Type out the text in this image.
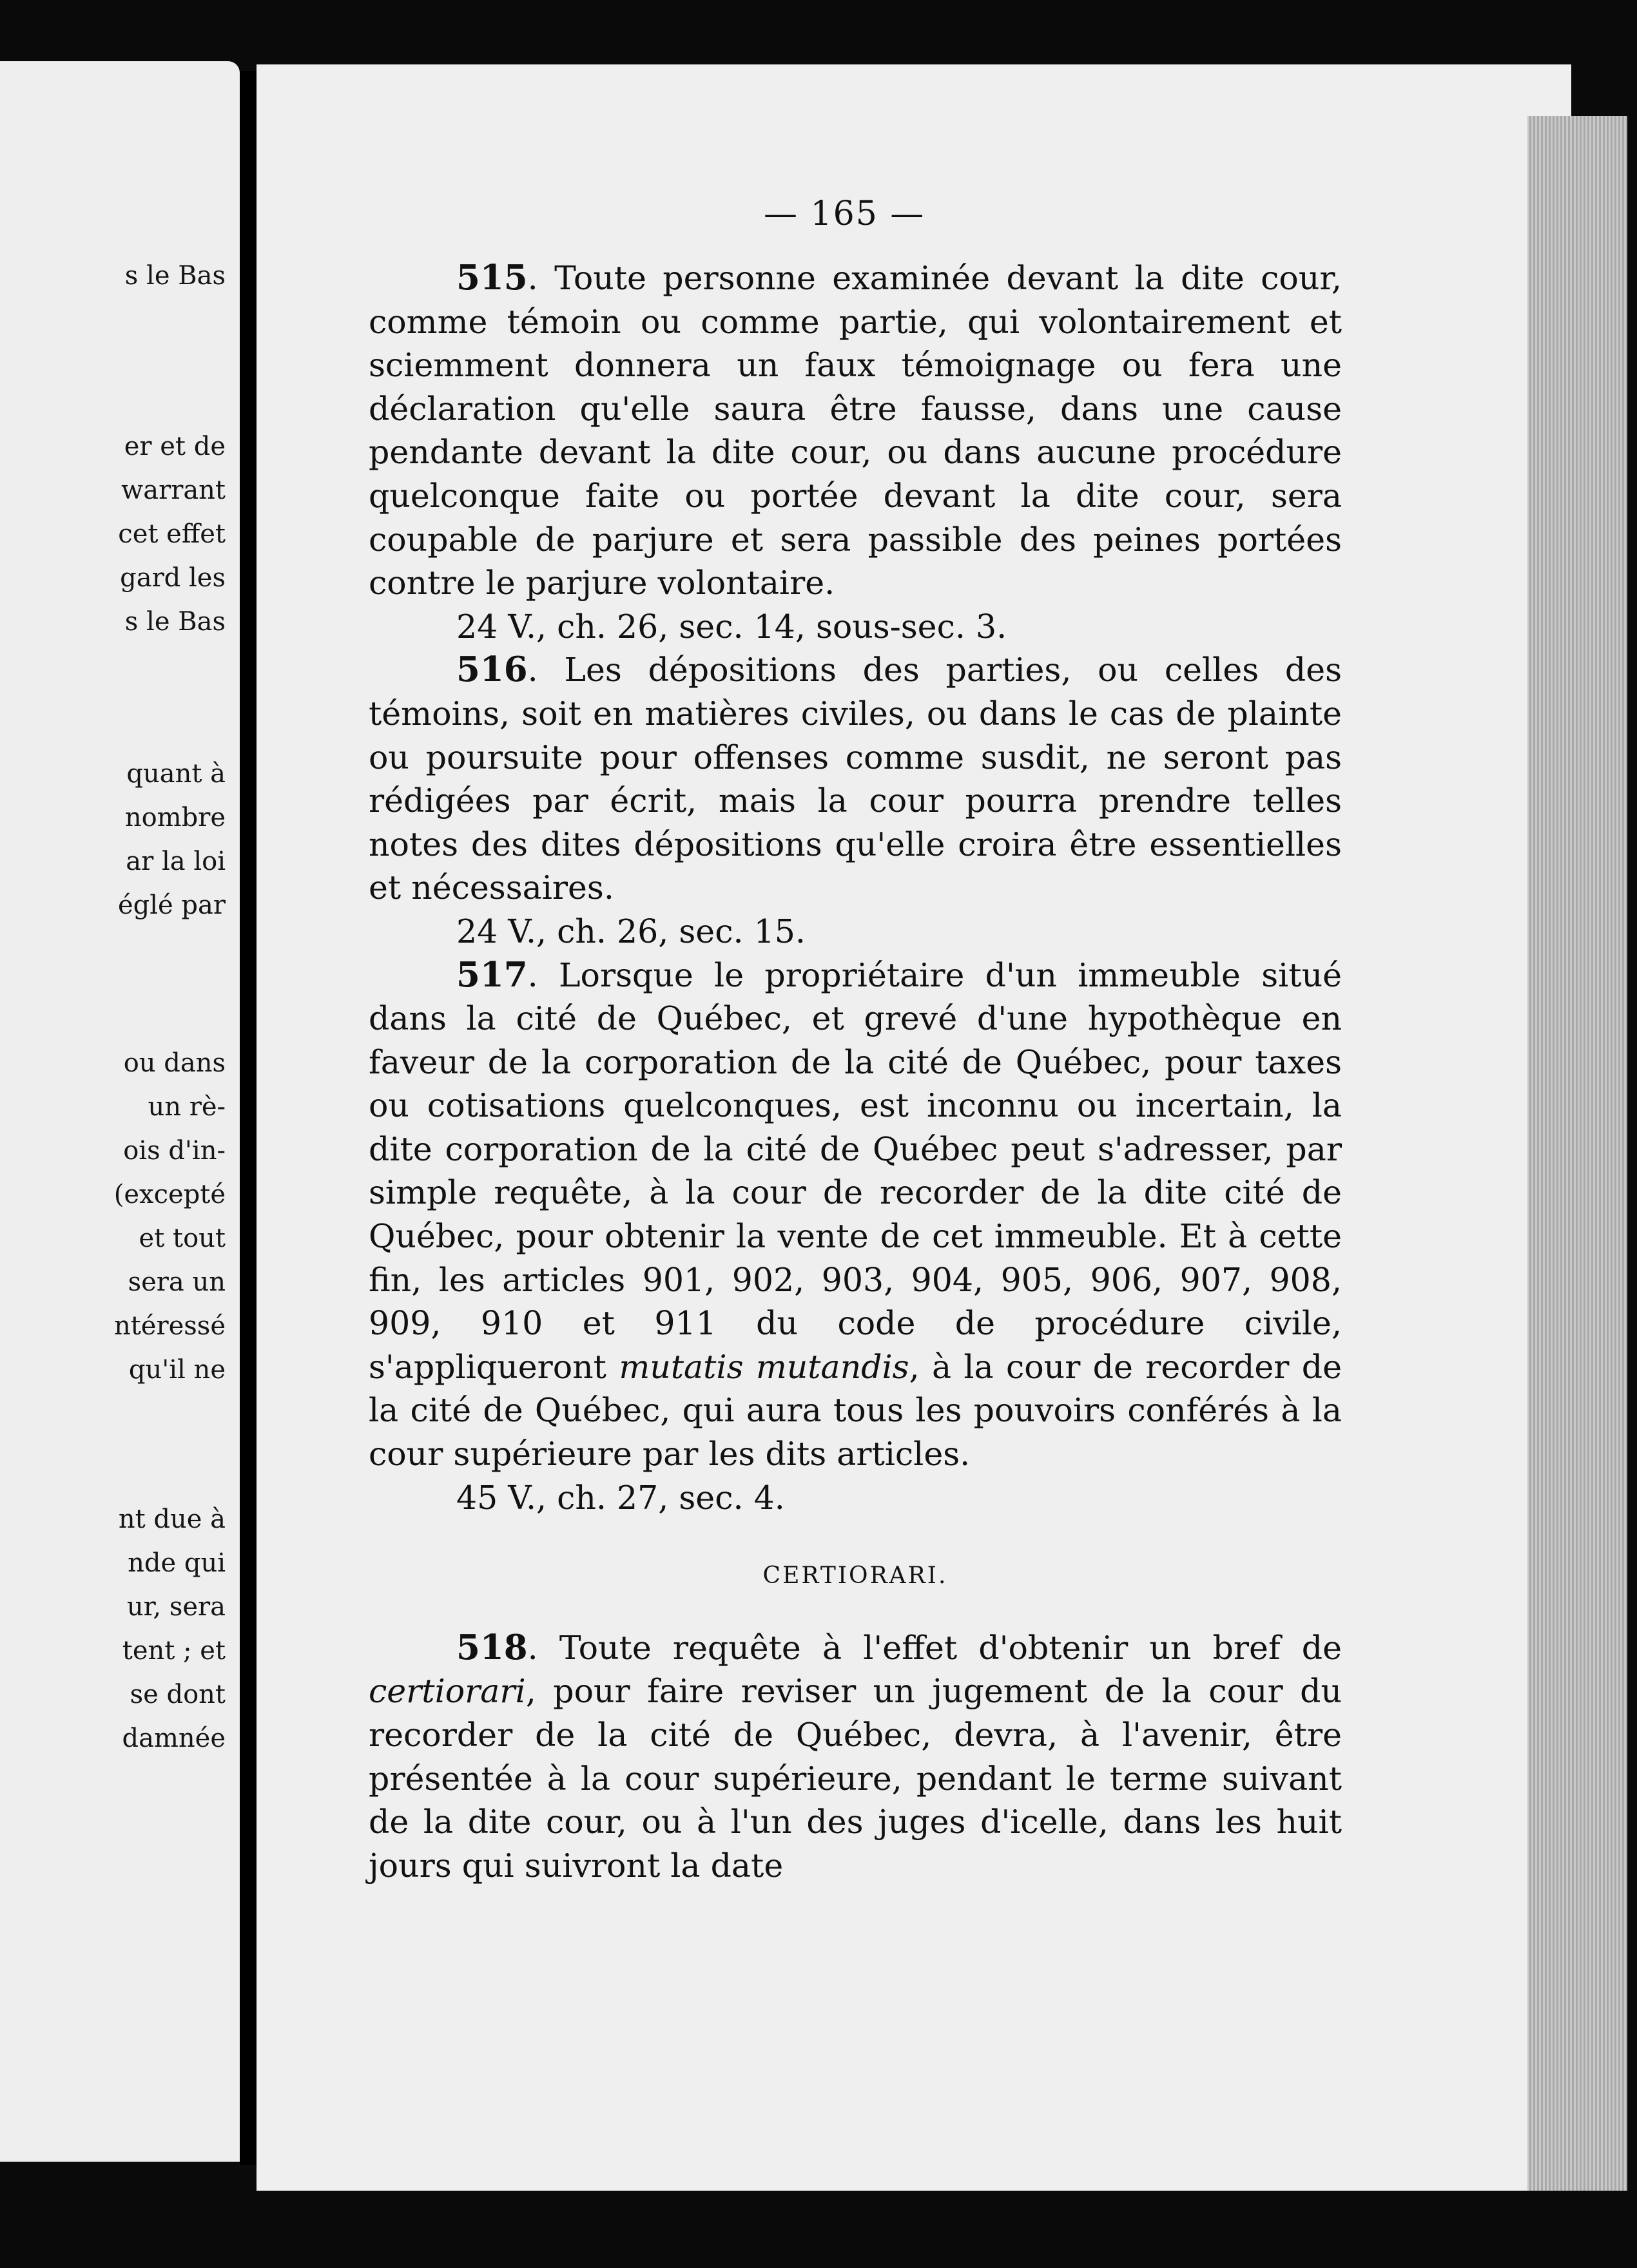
s le Bas
er et de
warrant
cet effet
gard les
s le Bas
quant à
nombre
ar la loi
églé par
ou dans
un rè-
ois d'in-
(excepté
et tout
sera un
ntéressé
qu'il ne
nt due à
nde qui
ur, sera
tent ; et
se dont
damnée
— 165 —

515. Toute personne examinée devant la dite cour, comme témoin ou comme partie, qui volontairement et sciemment donnera un faux témoignage ou fera une déclaration qu'elle saura être fausse, dans une cause pendante devant la dite cour, ou dans aucune procédure quelconque faite ou portée devant la dite cour, sera coupable de parjure et sera passible des peines portées contre le parjure volontaire.

24 V., ch. 26, sec. 14, sous-sec. 3.

516. Les dépositions des parties, ou celles des témoins, soit en matières civiles, ou dans le cas de plainte ou poursuite pour offenses comme susdit, ne seront pas rédigées par écrit, mais la cour pourra prendre telles notes des dites dépositions qu'elle croira être essentielles et nécessaires.

24 V., ch. 26, sec. 15.

517. Lorsque le propriétaire d'un immeuble situé dans la cité de Québec, et grevé d'une hypothèque en faveur de la corporation de la cité de Québec, pour taxes ou cotisations quelconques, est inconnu ou incertain, la dite corporation de la cité de Québec peut s'adresser, par simple requête, à la cour de recorder de la dite cité de Québec, pour obtenir la vente de cet immeuble. Et à cette fin, les articles 901, 902, 903, 904, 905, 906, 907, 908, 909, 910 et 911 du code de procédure civile, s'appliqueront mutatis mutandis, à la cour de recorder de la cité de Québec, qui aura tous les pouvoirs conférés à la cour supérieure par les dits articles.

45 V., ch. 27, sec. 4.

CERTIORARI.

518. Toute requête à l'effet d'obtenir un bref de certiorari, pour faire reviser un jugement de la cour du recorder de la cité de Québec, devra, à l'avenir, être présentée à la cour supérieure, pendant le terme suivant de la dite cour, ou à l'un des juges d'icelle, dans les huit jours qui suivront la date
